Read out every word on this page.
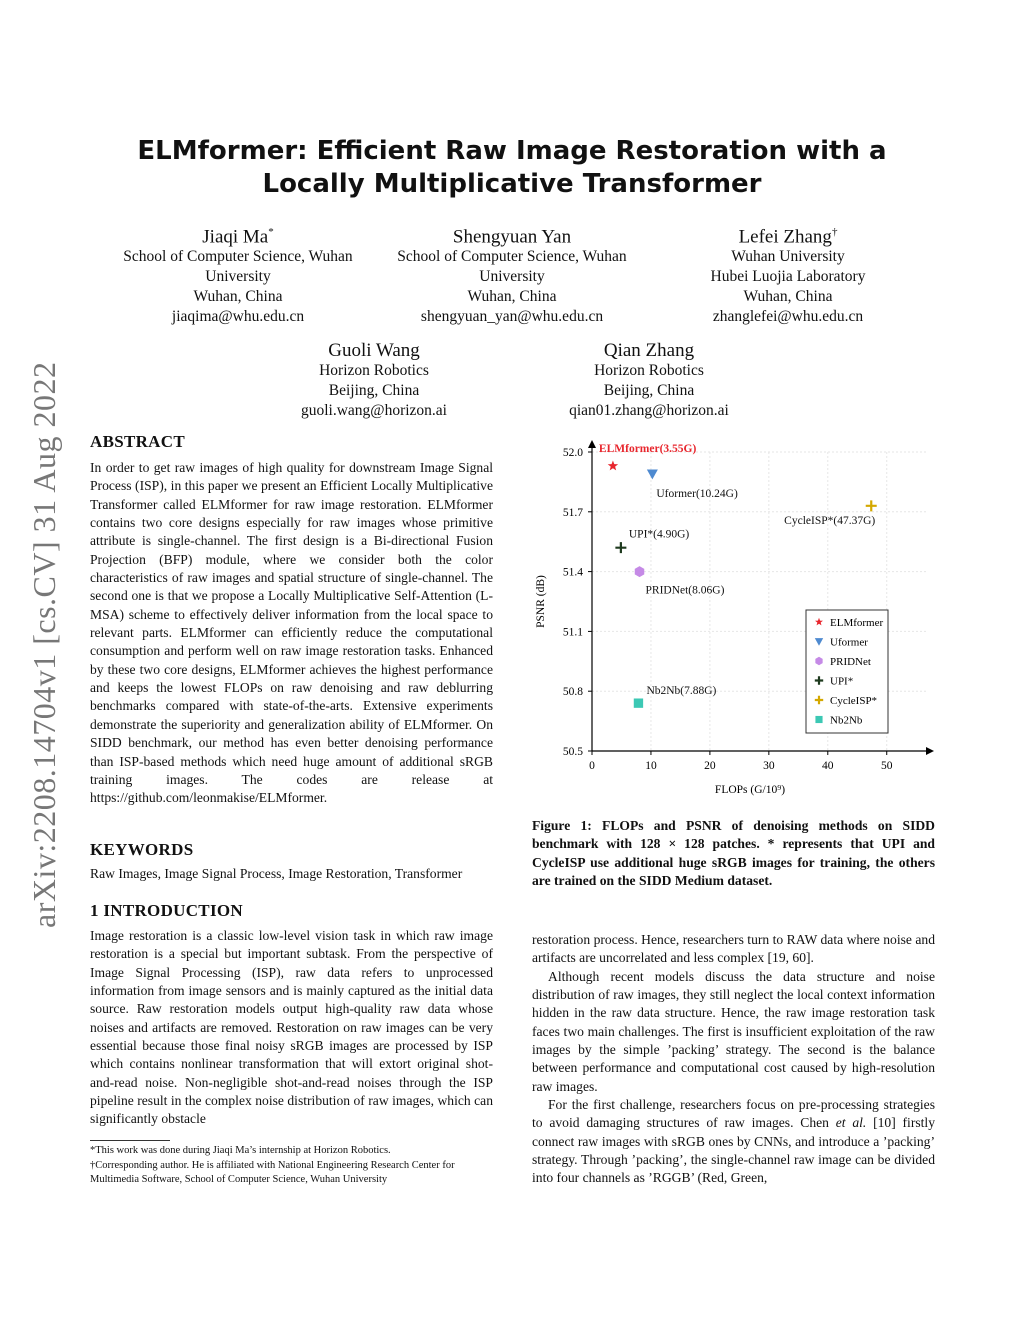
arXiv:2208.14704v1 [cs.CV] 31 Aug 2022
ELMformer: Efficient Raw Image Restoration with a Locally Multiplicative Transformer
Jiaqi Ma*
School of Computer Science, Wuhan
University
Wuhan, China
jiaqima@whu.edu.cn
Shengyuan Yan
School of Computer Science, Wuhan
University
Wuhan, China
shengyuan_yan@whu.edu.cn
Lefei Zhang†
Wuhan University
Hubei Luojia Laboratory
Wuhan, China
zhanglefei@whu.edu.cn
Guoli Wang
Horizon Robotics
Beijing, China
guoli.wang@horizon.ai
Qian Zhang
Horizon Robotics
Beijing, China
qian01.zhang@horizon.ai
ABSTRACT
In order to get raw images of high quality for downstream Image Signal Process (ISP), in this paper we present an Efficient Locally Multiplicative Transformer called ELMformer for raw image restoration. ELMformer contains two core designs especially for raw images whose primitive attribute is single-channel. The first design is a Bi-directional Fusion Projection (BFP) module, where we consider both the color characteristics of raw images and spatial structure of single-channel. The second one is that we propose a Locally Multiplicative Self-Attention (L-MSA) scheme to effectively deliver information from the local space to relevant parts. ELMformer can efficiently reduce the computational consumption and perform well on raw image restoration tasks. Enhanced by these two core designs, ELMformer achieves the highest performance and keeps the lowest FLOPs on raw denoising and raw deblurring benchmarks compared with state-of-the-arts. Extensive experiments demonstrate the superiority and generalization ability of ELMformer. On SIDD benchmark, our method has even better denoising performance than ISP-based methods which need huge amount of additional sRGB training images. The codes are release at https://github.com/leonmakise/ELMformer.
KEYWORDS
Raw Images, Image Signal Process, Image Restoration, Transformer
1 INTRODUCTION
Image restoration is a classic low-level vision task in which raw image restoration is a special but important subtask. From the perspective of Image Signal Processing (ISP), raw data refers to unprocessed information from image sensors and is mainly captured as the initial data source. Raw restoration models output high-quality raw data whose noises and artifacts are removed. Restoration on raw images can be very essential because those final noisy sRGB images are processed by ISP which contains nonlinear transformation that will extort original shot-and-read noise. Non-negligible shot-and-read noises through the ISP pipeline result in the complex noise distribution of raw images, which can significantly obstacle
*This work was done during Jiaqi Ma’s internship at Horizon Robotics.
†Corresponding author. He is affiliated with National Engineering Research Center for Multimedia Software, School of Computer Science, Wuhan University
0	10	20	30	40	50
50.5
50.8
51.1
51.4
51.7
52.0
FLOPs (G/10⁹)
PSNR (dB)
ELMformer(3.55G)
Uformer(10.24G)
PRIDNet(8.06G)
UPI*(4.90G)
CycleISP*(47.37G)
Nb2Nb(7.88G)
ELMformer
Uformer
PRIDNet
UPI*
CycleISP*
Nb2Nb
Figure 1: FLOPs and PSNR of denoising methods on SIDD benchmark with 128 × 128 patches. * represents that UPI and CycleISP use additional huge sRGB images for training, the others are trained on the SIDD Medium dataset.
restoration process. Hence, researchers turn to RAW data where noise and artifacts are uncorrelated and less complex [19, 60].

Although recent models discuss the data structure and noise distribution of raw images, they still neglect the local context information hidden in the raw data structure. Hence, the raw image restoration task faces two main challenges. The first is insufficient exploitation of the raw images by the simple ’packing’ strategy. The second is the balance between performance and computational cost caused by high-resolution raw images.

For the first challenge, researchers focus on pre-processing strategies to avoid damaging structures of raw images. Chen et al. [10] firstly connect raw images with sRGB ones by CNNs, and introduce a ’packing’ strategy. Through ’packing’, the single-channel raw image can be divided into four channels as ’RGGB’ (Red, Green,
